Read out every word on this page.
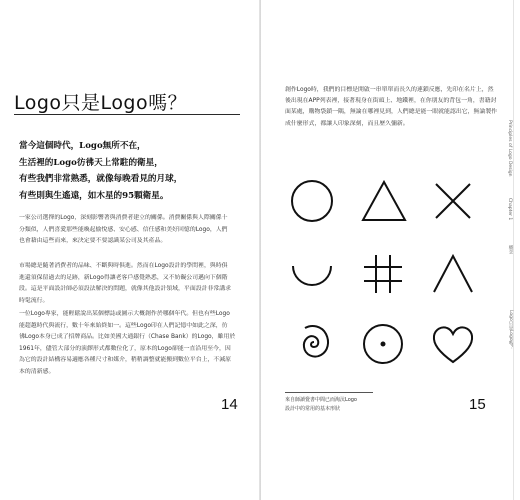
Logo只是Logo嗎？
當今這個時代，Logo無所不在，
生活裡的Logo彷彿天上常駐的衛星，
有些我們非常熟悉，就像每晚看見的月球，
有些則與生遙遠，如木星的95顆衛星。
一家公司選擇的Logo，深刻影響著與消費者建立的關係。消費關係與人際關係十
分類似，人們喜愛那些能喚起愉悅感、安心感、信任感和美好回憶的Logo，人們
也會藉由這些而來，來決定要不要認識某公司及其產品。
市場總是隨著消費者的品味、不斷與時俱進。然而在Logo設計的學問裡，與時俱
進還須保留過去的足跡，新Logo得讓老客戶感覺熟悉，又不妨礙公司邁向下個階
段。這是平面設計師必須設法解決的問題，就像其他設計領域，平面設計非常講求
時髦流行。
一位Logo專家，能輕鬆說出某個標誌或圖示大概創作於哪個年代。但也有些Logo
能超越時代與流行，數十年來始終如一。這些Logo印在人們記憶中如此之深，彷
彿Logo本身已成了招牌商品。比如美國大通銀行（Chase Bank）的Logo，雖用於
1961年，儘管大部分的演繹形式都數位化了，原本的Logo卻能一直沿用至今，因
為它的設計結構容易適應各種尺寸和媒介，稍稍調整就能搬到數位平台上，不減原
本的清新感。
14
創作Logo時，我們的目標是開啟一串單單而長久的連鎖反應，先印在名片上，然
後出現在APP列表裡，接著現身在街頭上、地鐵裡，在你朋友的背包一角，書籍封
面某處，購物袋鎖一隅，無論在哪裡見到，人們總是能一眼就能認出它，無論製作
成什麼形式，都讓人印象深刻，而且歷久彌新。
來自師讀覺書中間已而淘汰Logo
設計中的常用的基本形狀	15
Principles of Logo Design
Chapter 1
概念
Logo只是Logo嗎？
